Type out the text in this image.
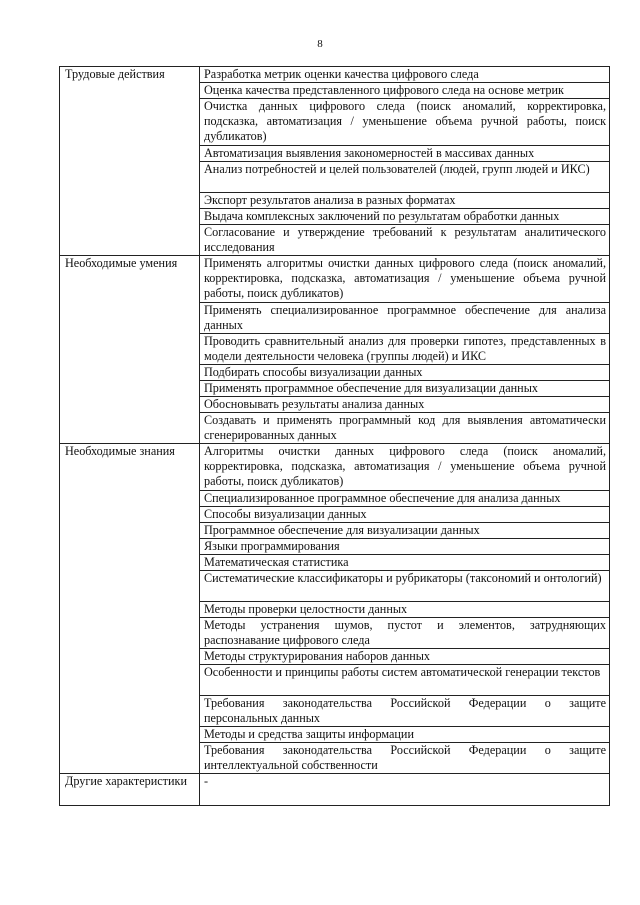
8
Трудовые действия	Разработка метрик оценки качества цифрового следа

	Оценка качества представленного цифрового следа на основе метрик

	Очистка данных цифрового следа (поиск аномалий, корректировка, подсказка, автоматизация / уменьшение объема ручной работы, поиск дубликатов)

	Автоматизация выявления закономерностей в массивах данных

	Анализ потребностей и целей пользователей (людей, групп людей и ИКС)

	Экспорт результатов анализа в разных форматах

	Выдача комплексных заключений по результатам обработки данных

	Согласование и утверждение требований к результатам аналитического исследования

Необходимые умения	Применять алгоритмы очистки данных цифрового следа (поиск аномалий, корректировка, подсказка, автоматизация / уменьшение объема ручной работы, поиск дубликатов)

	Применять специализированное программное обеспечение для анализа данных

	Проводить сравнительный анализ для проверки гипотез, представленных в модели деятельности человека (группы людей) и ИКС

	Подбирать способы визуализации данных

	Применять программное обеспечение для визуализации данных

	Обосновывать результаты анализа данных

	Создавать и применять программный код для выявления автоматически сгенерированных данных

Необходимые знания	Алгоритмы очистки данных цифрового следа (поиск аномалий, корректировка, подсказка, автоматизация / уменьшение объема ручной работы, поиск дубликатов)

	Специализированное программное обеспечение для анализа данных

	Способы визуализации данных

	Программное обеспечение для визуализации данных

	Языки программирования

	Математическая статистика

	Систематические классификаторы и рубрикаторы (таксономий и онтологий)

	Методы проверки целостности данных

	Методы устранения шумов, пустот и элементов, затрудняющих распознавание цифрового следа

	Методы структурирования наборов данных

	Особенности и принципы работы систем автоматической генерации текстов

	Требования законодательства Российской Федерации о защите персональных данных

	Методы и средства защиты информации

	Требования законодательства Российской Федерации о защите интеллектуальной собственности

Другие характеристики	-
